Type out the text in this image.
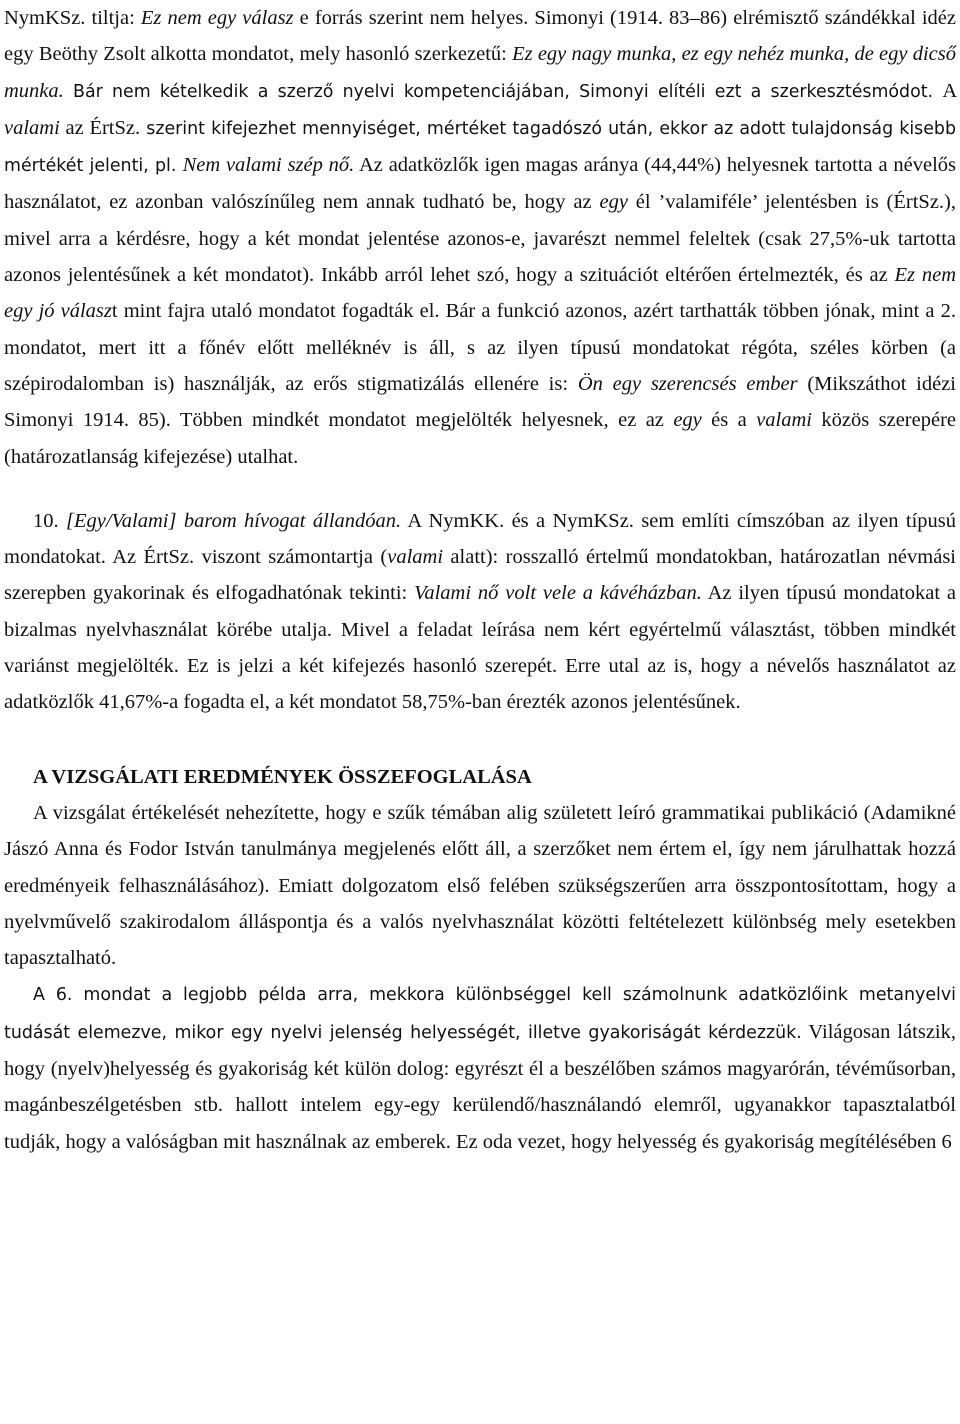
NymKSz. tiltja: Ez nem egy válasz e forrás szerint nem helyes. Simonyi (1914. 83–86) elrémisztő szándékkal idéz egy Beöthy Zsolt alkotta mondatot, mely hasonló szerkezetű: Ez egy nagy munka, ez egy nehéz munka, de egy dicső munka. Bár nem kételkedik a szerző nyelvi kompetenciájában, Simonyi elítéli ezt a szerkesztésmódot. A valami az ÉrtSz. szerint kifejezhet mennyiséget, mértéket tagadószó után, ekkor az adott tulajdonság kisebb mértékét jelenti, pl. Nem valami szép nő. Az adatközlők igen magas aránya (44,44%) helyesnek tartotta a névelős használatot, ez azonban valószínűleg nem annak tudható be, hogy az egy él ’valamiféle’ jelentésben is (ÉrtSz.), mivel arra a kérdésre, hogy a két mondat jelentése azonos-e, javarészt nemmel feleltek (csak 27,5%-uk tartotta azonos jelentésűnek a két mondatot). Inkább arról lehet szó, hogy a szituációt eltérően értelmezték, és az Ez nem egy jó választ mint fajra utaló mondatot fogadták el. Bár a funkció azonos, azért tarthatták többen jónak, mint a 2. mondatot, mert itt a főnév előtt melléknév is áll, s az ilyen típusú mondatokat régóta, széles körben (a szépirodalomban is) használják, az erős stigmatizálás ellenére is: Ön egy szerencsés ember (Mikszáthot idézi Simonyi 1914. 85). Többen mindkét mondatot megjelölték helyesnek, ez az egy és a valami közös szerepére (határozatlanság kifejezése) utalhat.

10. [Egy/Valami] barom hívogat állandóan. A NymKK. és a NymKSz. sem említi címszóban az ilyen típusú mondatokat. Az ÉrtSz. viszont számontartja (valami alatt): rosszalló értelmű mondatokban, határozatlan névmási szerepben gyakorinak és elfogadhatónak tekinti: Valami nő volt vele a kávéházban. Az ilyen típusú mondatokat a bizalmas nyelvhasználat körébe utalja. Mivel a feladat leírása nem kért egyértelmű választást, többen mindkét variánst megjelölték. Ez is jelzi a két kifejezés hasonló szerepét. Erre utal az is, hogy a névelős használatot az adatközlők 41,67%-a fogadta el, a két mondatot 58,75%-ban érezték azonos jelentésűnek.

A VIZSGÁLATI EREDMÉNYEK ÖSSZEFOGLALÁSA

A vizsgálat értékelését nehezítette, hogy e szűk témában alig született leíró grammatikai publikáció (Adamikné Jászó Anna és Fodor István tanulmánya megjelenés előtt áll, a szerzőket nem értem el, így nem járulhattak hozzá eredményeik felhasználásához). Emiatt dolgozatom első felében szükségszerűen arra összpontosítottam, hogy a nyelvművelő szakirodalom álláspontja és a valós nyelvhasználat közötti feltételezett különbség mely esetekben tapasztalható.

A 6. mondat a legjobb példa arra, mekkora különbséggel kell számolnunk adatközlőink metanyelvi tudását elemezve, mikor egy nyelvi jelenség helyességét, illetve gyakoriságát kérdezzük. Világosan látszik, hogy (nyelv)helyesség és gyakoriság két külön dolog: egyrészt él a beszélőben számos magyarórán, tévéműsorban, magánbeszélgetésben stb. hallott intelem egy-egy kerülendő/használandó elemről, ugyanakkor tapasztalatból tudják, hogy a valóságban mit használnak az emberek. Ez oda vezet, hogy helyesség és gyakoriság megítélésében 6
